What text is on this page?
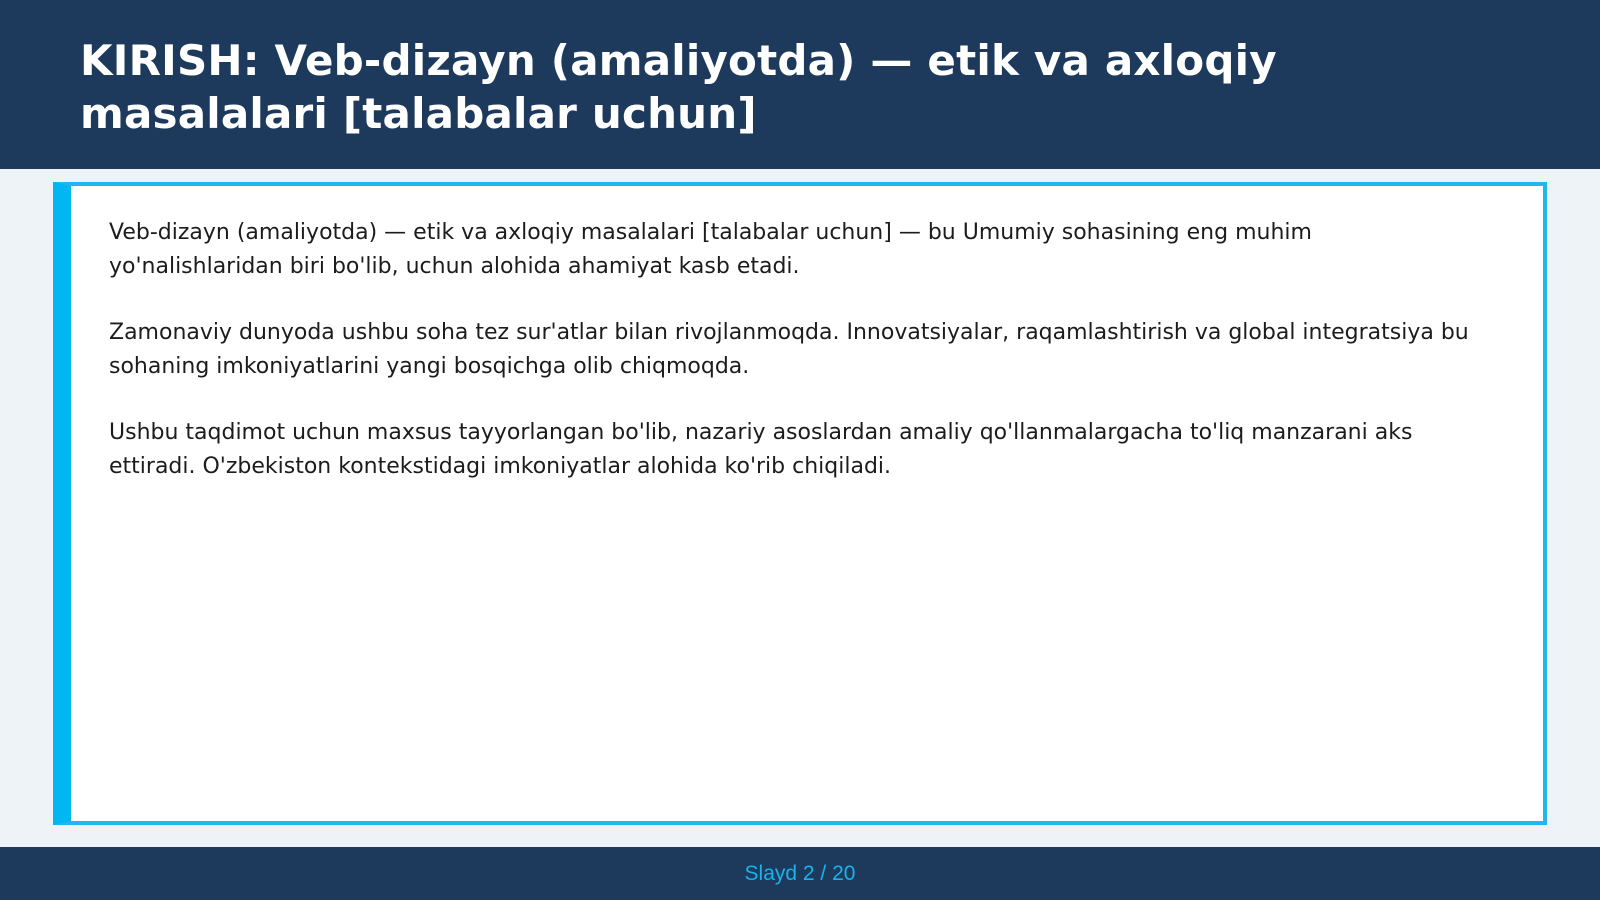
KIRISH: Veb-dizayn (amaliyotda) — etik va axloqiy masalalari [talabalar uchun]

Veb-dizayn (amaliyotda) — etik va axloqiy masalalari [talabalar uchun] — bu Umumiy sohasining eng muhim yo'nalishlaridan biri bo'lib, uchun alohida ahamiyat kasb etadi.

Zamonaviy dunyoda ushbu soha tez sur'atlar bilan rivojlanmoqda. Innovatsiyalar, raqamlashtirish va global integratsiya bu sohaning imkoniyatlarini yangi bosqichga olib chiqmoqda.

Ushbu taqdimot uchun maxsus tayyorlangan bo'lib, nazariy asoslardan amaliy qo'llanmalargacha to'liq manzarani aks ettiradi. O'zbekiston kontekstidagi imkoniyatlar alohida ko'rib chiqiladi.

Slayd 2 / 20
